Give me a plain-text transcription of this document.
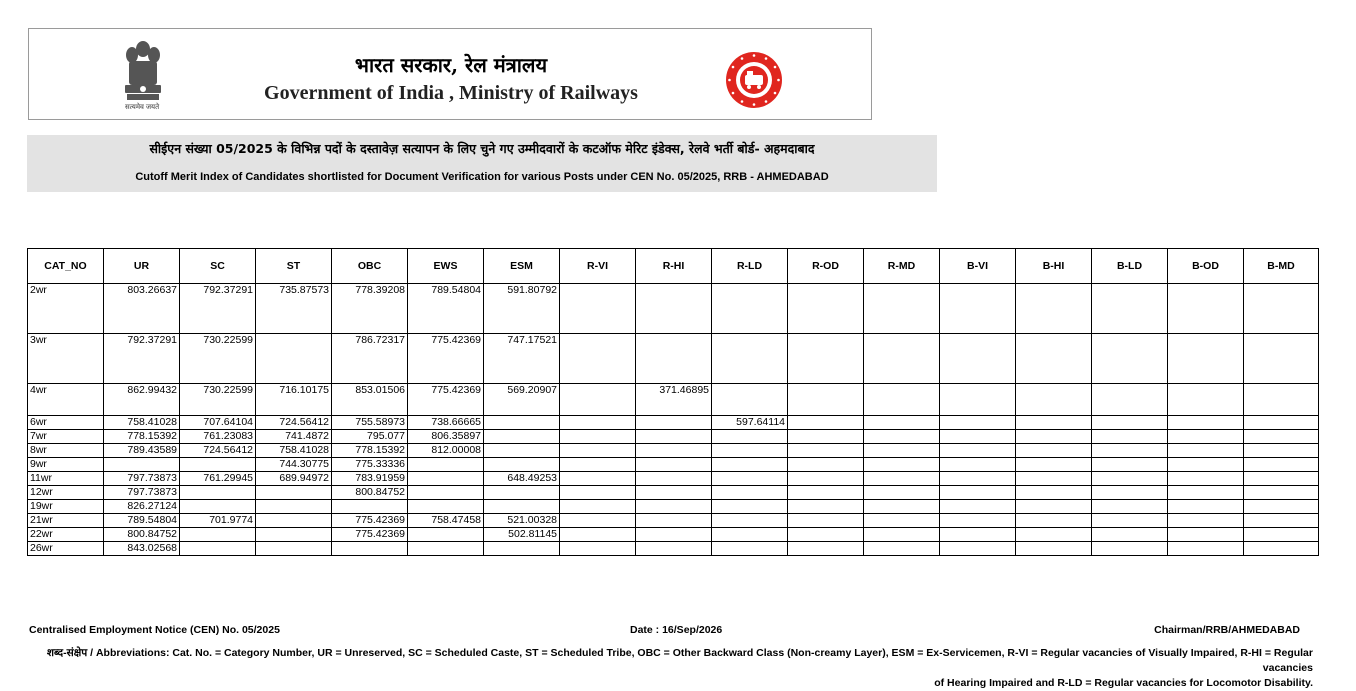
सत्यमेव जयते
भारत सरकार, रेल मंत्रालय
Government of India , Ministry of Railways
सीईएन संख्या 05/2025 के विभिन्न पदों के दस्तावेज़ सत्यापन के लिए चुने गए उम्मीदवारों के कटऑफ मेरिट इंडेक्स, रेलवे भर्ती बोर्ड- अहमदाबाद
Cutoff Merit Index of Candidates shortlisted for Document Verification for various Posts under CEN No. 05/2025, RRB - AHMEDABAD
CAT_NO	UR	SC	ST	OBC	EWS	ESM	R-VI	R-HI	R-LD	R-OD	R-MD	B-VI	B-HI	B-LD	B-OD	B-MD
2wr	803.26637	792.37291	735.87573	778.39208	789.54804	591.80792										
3wr	792.37291	730.22599		786.72317	775.42369	747.17521										
4wr	862.99432	730.22599	716.10175	853.01506	775.42369	569.20907		371.46895								
6wr	758.41028	707.64104	724.56412	755.58973	738.66665				597.64114							
7wr	778.15392	761.23083	741.4872	795.077	806.35897											
8wr	789.43589	724.56412	758.41028	778.15392	812.00008											
9wr			744.30775	775.33336												
11wr	797.73873	761.29945	689.94972	783.91959		648.49253										
12wr	797.73873			800.84752												
19wr	826.27124															
21wr	789.54804	701.9774		775.42369	758.47458	521.00328										
22wr	800.84752			775.42369		502.81145										
26wr	843.02568															
Centralised Employment Notice (CEN) No. 05/2025	Date : 16/Sep/2026	Chairman/RRB/AHMEDABAD
शब्द-संक्षेप / Abbreviations: Cat. No. = Category Number, UR = Unreserved, SC = Scheduled Caste, ST = Scheduled Tribe, OBC = Other Backward Class (Non-creamy Layer), ESM = Ex-Servicemen, R-VI = Regular vacancies of Visually Impaired, R-HI = Regular vacancies
of Hearing Impaired and R-LD = Regular vacancies for Locomotor Disability.
